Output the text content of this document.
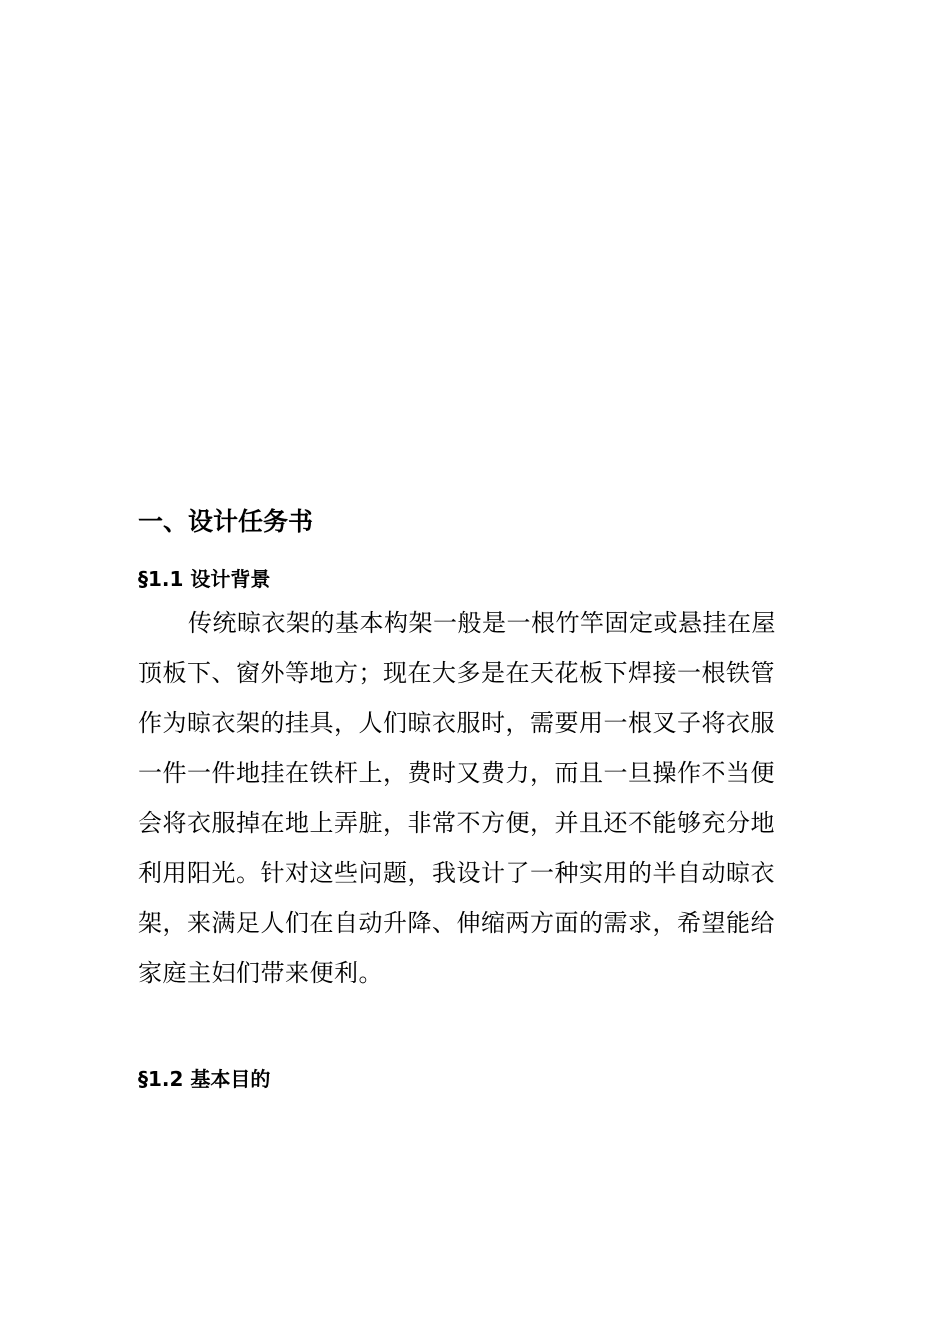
一、设计任务书
§1.1 设计背景
传统晾衣架的基本构架一般是一根竹竿固定或悬挂在屋
顶板下、窗外等地方；现在大多是在天花板下焊接一根铁管
作为晾衣架的挂具，人们晾衣服时，需要用一根叉子将衣服
一件一件地挂在铁杆上，费时又费力，而且一旦操作不当便
会将衣服掉在地上弄脏，非常不方便，并且还不能够充分地
利用阳光。针对这些问题，我设计了一种实用的半自动晾衣
架，来满足人们在自动升降、伸缩两方面的需求，希望能给
家庭主妇们带来便利。
§1.2 基本目的
